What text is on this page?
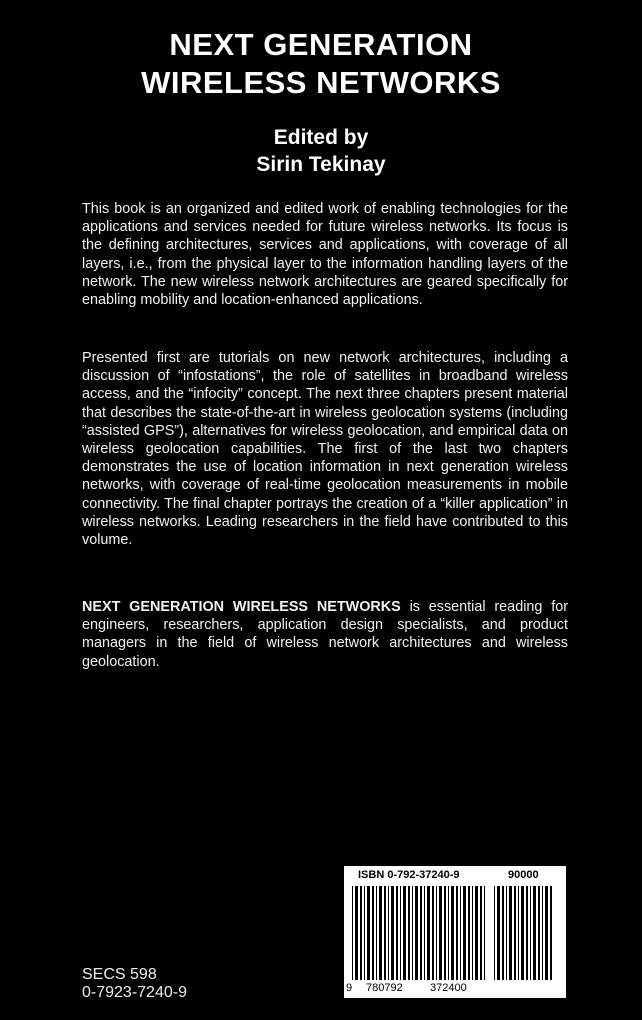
NEXT GENERATION
WIRELESS NETWORKS
Edited by
Sirin Tekinay
This book is an organized and edited work of enabling technologies for the applications and services needed for future wireless networks. Its focus is the defining architectures, services and applications, with coverage of all layers, i.e., from the physical layer to the information handling layers of the network. The new wireless network architectures are geared specifically for enabling mobility and location-enhanced applications.
Presented first are tutorials on new network architectures, including a discussion of “infostations”, the role of satellites in broadband wireless access, and the “infocity” concept. The next three chapters present material that describes the state-of-the-art in wireless geolocation systems (including “assisted GPS”), alternatives for wireless geolocation, and empirical data on wireless geolocation capabilities. The first of the last two chapters demonstrates the use of location information in next generation wireless networks, with coverage of real-time geolocation measurements in mobile connectivity. The final chapter portrays the creation of a “killer application” in wireless networks. Leading researchers in the field have contributed to this volume.
NEXT GENERATION WIRELESS NETWORKS is essential reading for engineers, researchers, application design specialists, and product managers in the field of wireless network architectures and wireless geolocation.
SECS 598
0-7923-7240-9
ISBN 0-792-37240-9	90000
9 780792 372400
